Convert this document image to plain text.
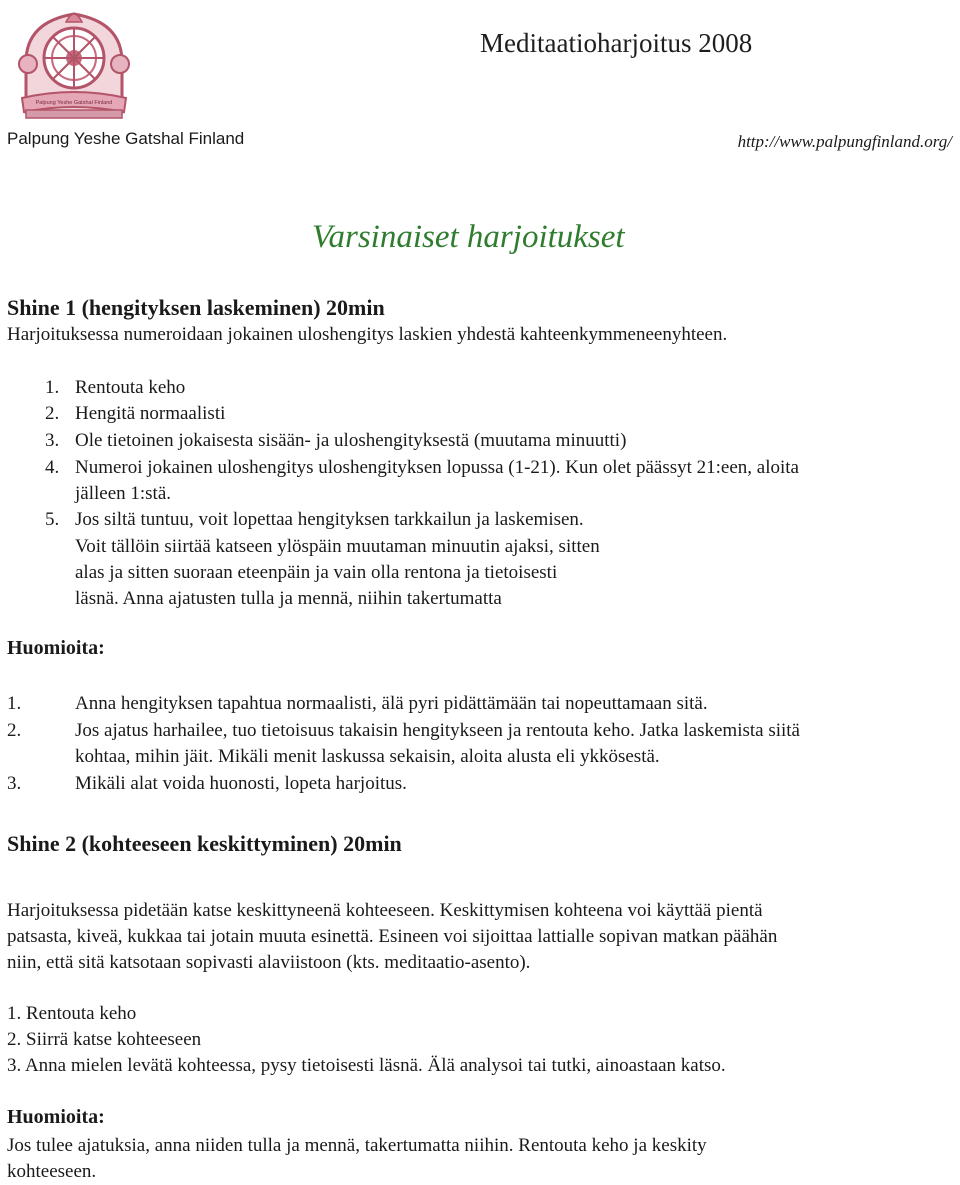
Palpung Yeshe Gatshal Finland
Meditaatioharjoitus 2008
Palpung Yeshe Gatshal Finland	http://www.palpungfinland.org/
Varsinaiset harjoitukset
Shine 1 (hengityksen laskeminen) 20min
Harjoituksessa numeroidaan jokainen uloshengitys laskien yhdestä kahteenkymmeneenyhteen.
1. Rentouta keho
2. Hengitä normaalisti
3. Ole tietoinen jokaisesta sisään- ja uloshengityksestä (muutama minuutti)
4. Numeroi jokainen uloshengitys uloshengityksen lopussa (1-21). Kun olet päässyt 21:een, aloita
jälleen 1:stä.
5. Jos siltä tuntuu, voit lopettaa hengityksen tarkkailun ja laskemisen.
Voit tällöin siirtää katseen ylöspäin muutaman minuutin ajaksi, sitten
alas ja sitten suoraan eteenpäin ja vain olla rentona ja tietoisesti
läsnä. Anna ajatusten tulla ja mennä, niihin takertumatta
Huomioita:
1.	Anna hengityksen tapahtua normaalisti, älä pyri pidättämään tai nopeuttamaan sitä.
2.	Jos ajatus harhailee, tuo tietoisuus takaisin hengitykseen ja rentouta keho. Jatka laskemista siitä
kohtaa, mihin jäit. Mikäli menit laskussa sekaisin, aloita alusta eli ykkösestä.
3.	Mikäli alat voida huonosti, lopeta harjoitus.
Shine 2 (kohteeseen keskittyminen) 20min
Harjoituksessa pidetään katse keskittyneenä kohteeseen. Keskittymisen kohteena voi käyttää pientä
patsasta, kiveä, kukkaa tai jotain muuta esinettä. Esineen voi sijoittaa lattialle sopivan matkan päähän
niin, että sitä katsotaan sopivasti alaviistoon (kts. meditaatio-asento).
1. Rentouta keho
2. Siirrä katse kohteeseen
3. Anna mielen levätä kohteessa, pysy tietoisesti läsnä. Älä analysoi tai tutki, ainoastaan katso.
Huomioita:
Jos tulee ajatuksia, anna niiden tulla ja mennä, takertumatta niihin. Rentouta keho ja keskity
kohteeseen.
